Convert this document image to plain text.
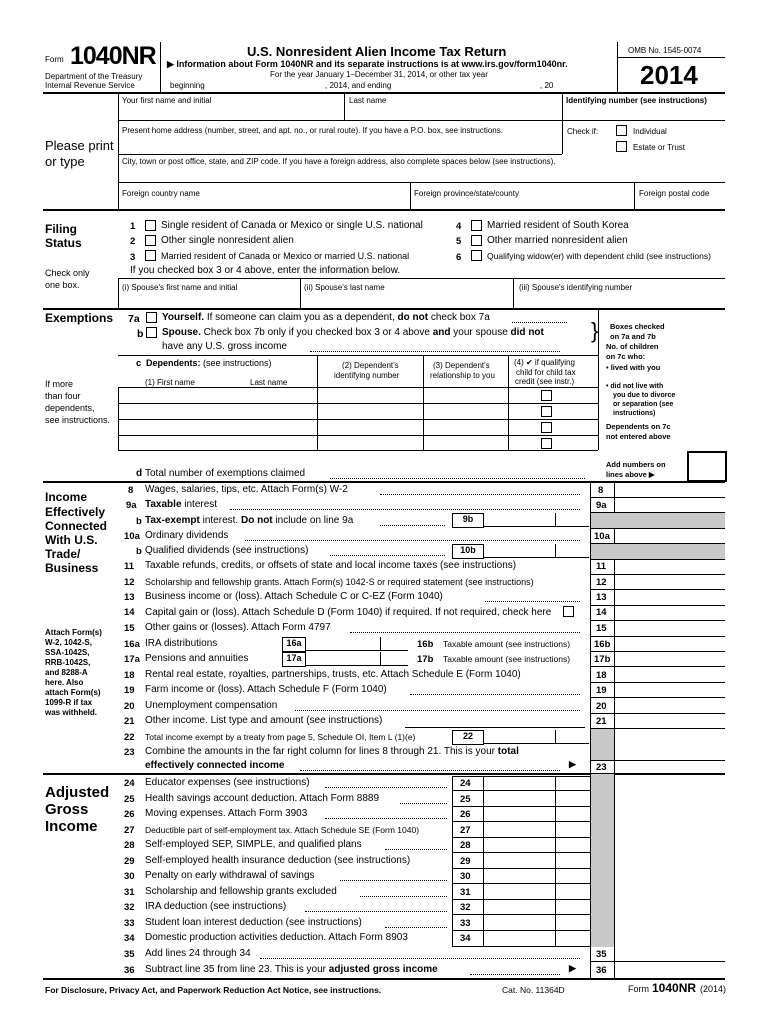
Form 1040NR
Department of the Treasury
Internal Revenue Service
U.S. Nonresident Alien Income Tax Return
▶ Information about Form 1040NR and its separate instructions is at www.irs.gov/form1040nr.
For the year January 1–December 31, 2014, or other tax year
beginning	, 2014, and ending	, 20
OMB No. 1545-0074
2014
Your first name and initial	Last name	Identifying number (see instructions)
Present home address (number, street, and apt. no., or rural route). If you have a P.O. box, see instructions.	Check if:	Individual
Estate or Trust
Please print
or type	City, town or post office, state, and ZIP code. If you have a foreign address, also complete spaces below (see instructions).
Foreign country name	Foreign province/state/county	Foreign postal code
Filing
Status
Check only
one box.
1	Single resident of Canada or Mexico or single U.S. national
2	Other single nonresident alien
3	Married resident of Canada or Mexico or married U.S. national
4	Married resident of South Korea
5	Other married nonresident alien
6	Qualifying widow(er) with dependent child (see instructions)
If you checked box 3 or 4 above, enter the information below.
(i) Spouse's first name and initial	(ii) Spouse's last name	(iii) Spouse's identifying number
Exemptions 7a Yourself. If someone can claim you as a dependent, do not check box 7a
b Spouse. Check box 7b only if you checked box 3 or 4 above and your spouse did not
have any U.S. gross income
}
c Dependents: (see instructions)
(1) First name	Last name
(2) Dependent's
identifying number
(3) Dependent's
relationship to you
(4) ✔ if qualifying
child for child tax
credit (see instr.)
If more
than four
dependents,
see instructions.
Boxes checked
on 7a and 7b
No. of children
on 7c who:
• lived with you
• did not live with
you due to divorce
or separation (see
instructions)
Dependents on 7c
not entered above
Add numbers on
lines above ▶
d Total number of exemptions claimed
Income
Effectively
Connected
With U.S.
Trade/
Business
Attach Form(s)
W-2, 1042-S,
SSA-1042S,
RRB-1042S,
and 8288-A
here. Also
attach Form(s)
1099-R if tax
was withheld.
8 Wages, salaries, tips, etc. Attach Form(s) W-2	8
9a Taxable interest	9a
b Tax-exempt interest. Do not include on line 9a	9b
10a Ordinary dividends	10a
b Qualified dividends (see instructions)	10b
11 Taxable refunds, credits, or offsets of state and local income taxes (see instructions)	11
12 Scholarship and fellowship grants. Attach Form(s) 1042-S or required statement (see instructions)	12
13 Business income or (loss). Attach Schedule C or C-EZ (Form 1040)	13
14 Capital gain or (loss). Attach Schedule D (Form 1040) if required. If not required, check here	14
15 Other gains or (losses). Attach Form 4797	15
16a IRA distributions	16a	16b Taxable amount (see instructions)	16b
17a Pensions and annuities	17a	17b Taxable amount (see instructions)	17b
18 Rental real estate, royalties, partnerships, trusts, etc. Attach Schedule E (Form 1040)	18
19 Farm income or (loss). Attach Schedule F (Form 1040)	19
20 Unemployment compensation	20
21 Other income. List type and amount (see instructions)	21
22 Total income exempt by a treaty from page 5, Schedule OI, Item L (1)(e)	22
23 Combine the amounts in the far right column for lines 8 through 21. This is your total
effectively connected income	▶ 23
Adjusted
Gross
Income
24 Educator expenses (see instructions)	24
25 Health savings account deduction. Attach Form 8889	25
26 Moving expenses. Attach Form 3903	26
27 Deductible part of self-employment tax. Attach Schedule SE (Form 1040)	27
28 Self-employed SEP, SIMPLE, and qualified plans	28
29 Self-employed health insurance deduction (see instructions)	29
30 Penalty on early withdrawal of savings	30
31 Scholarship and fellowship grants excluded	31
32 IRA deduction (see instructions)	32
33 Student loan interest deduction (see instructions)	33
34 Domestic production activities deduction. Attach Form 8903	34
35 Add lines 24 through 34	35
36 Subtract line 35 from line 23. This is your adjusted gross income	▶ 36
For Disclosure, Privacy Act, and Paperwork Reduction Act Notice, see instructions.	Cat. No. 11364D	Form 1040NR (2014)
